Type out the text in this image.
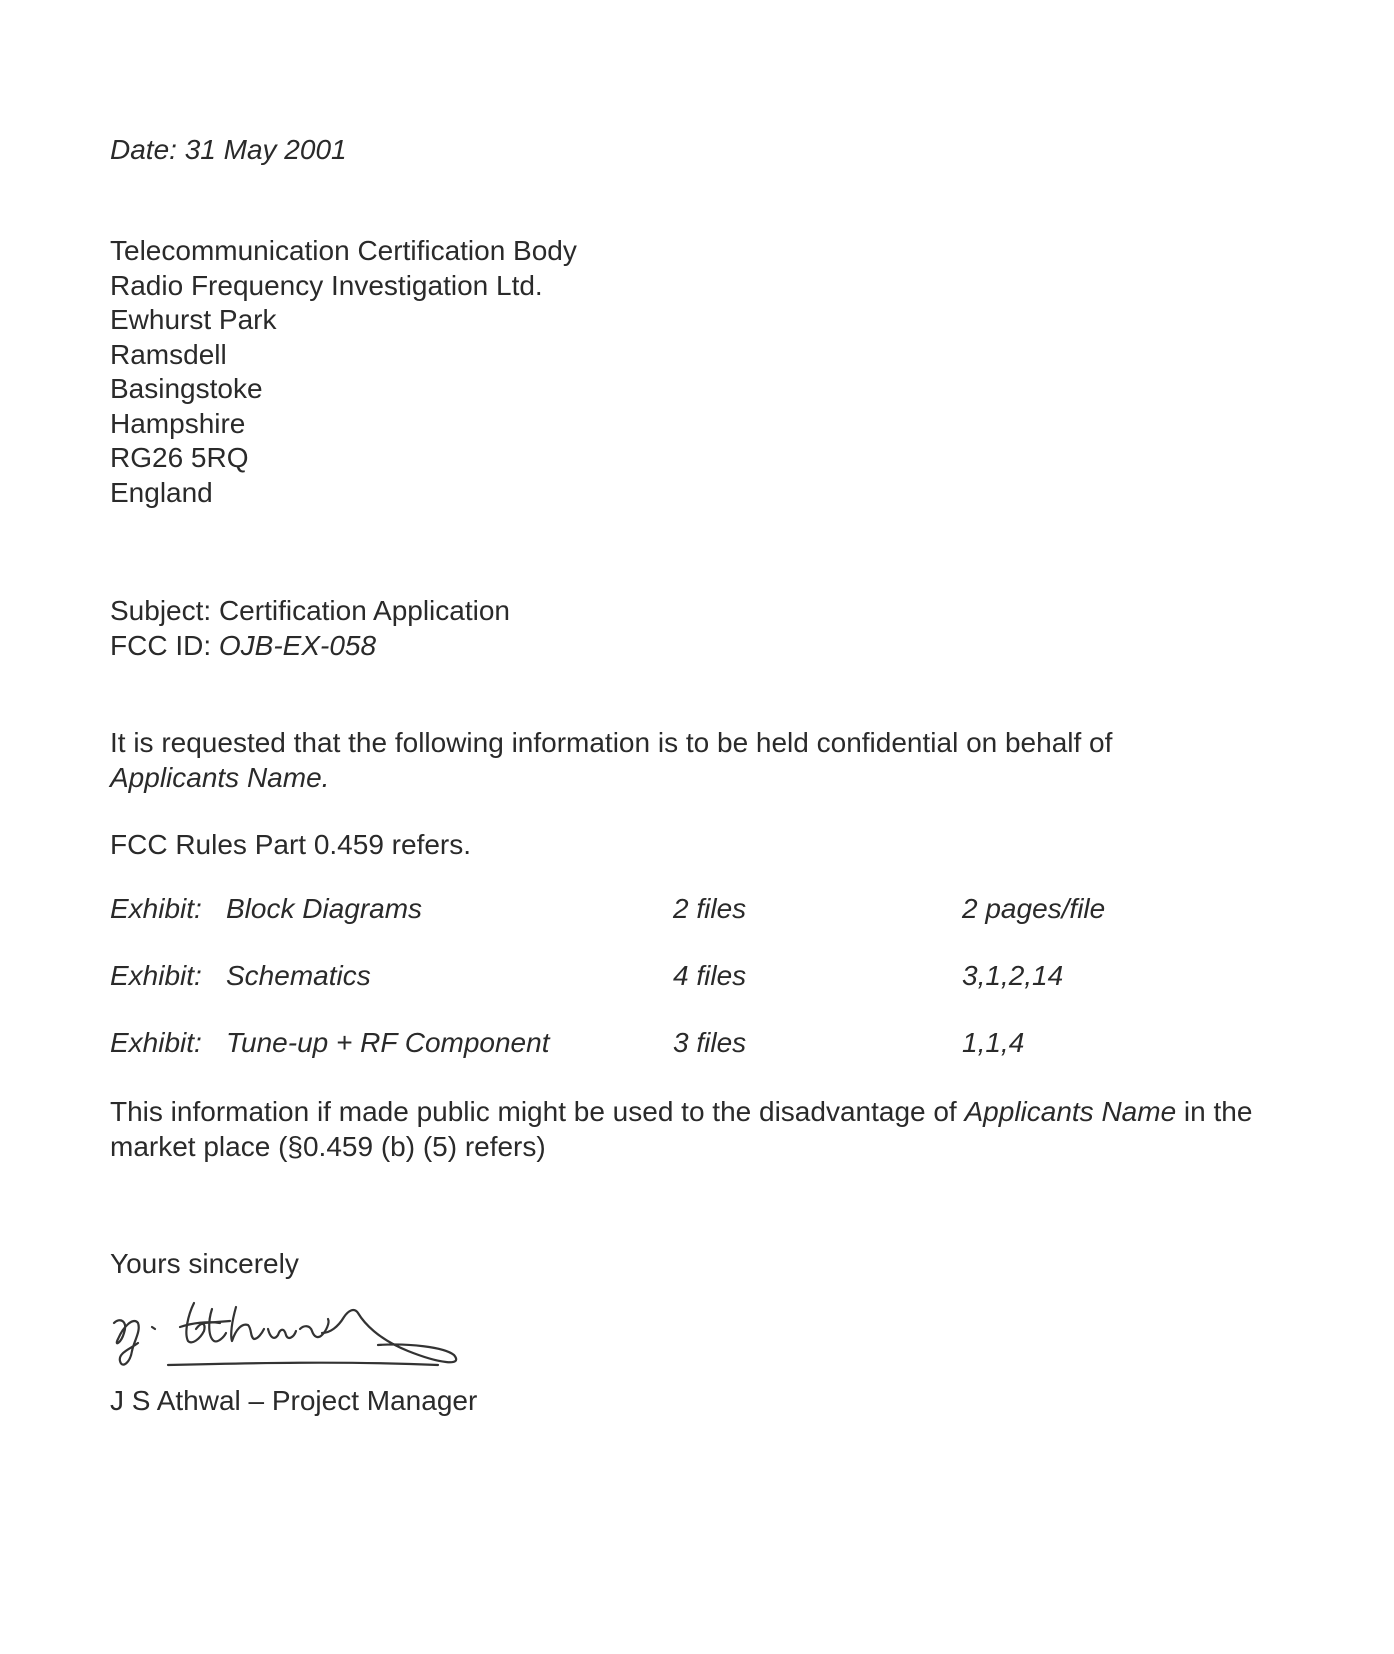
Date: 31 May 2001
Telecommunication Certification Body
Radio Frequency Investigation Ltd.
Ewhurst Park
Ramsdell
Basingstoke
Hampshire
RG26 5RQ
England
Subject: Certification Application
FCC ID: OJB-EX-058
It is requested that the following information is to be held confidential on behalf of
Applicants Name.
FCC Rules Part 0.459 refers.
Exhibit: Block Diagrams	2 files	2 pages/file
Exhibit: Schematics	4 files	3,1,2,14
Exhibit: Tune-up + RF Component	3 files	1,1,4
This information if made public might be used to the disadvantage of Applicants Name in the market place (§0.459 (b) (5) refers)
Yours sincerely
J S Athwal – Project Manager
